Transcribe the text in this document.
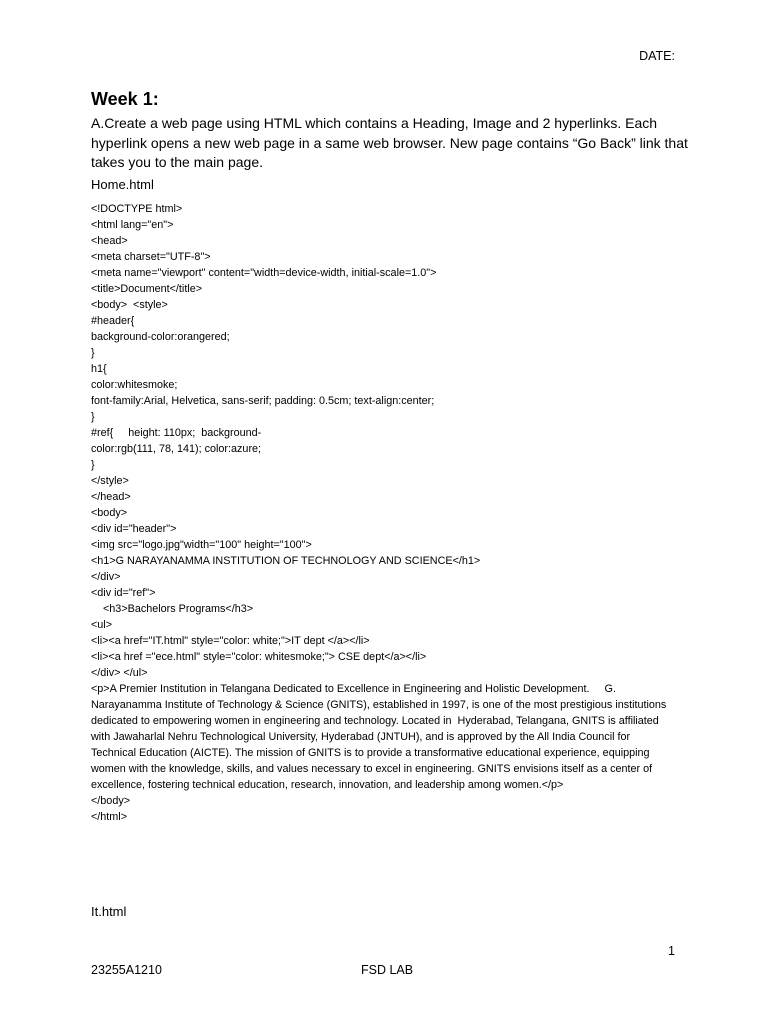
DATE:
Week 1:

A.Create a web page using HTML which contains a Heading, Image and 2 hyperlinks. Each hyperlink opens a new web page in a same web browser. New page contains “Go Back” link that takes you to the main page.

Home.html

<!DOCTYPE html>
<html lang="en">
<head>
<meta charset="UTF-8">
<meta name="viewport" content="width=device-width, initial-scale=1.0">
<title>Document</title>
<body>  <style>
#header{
background-color:orangered;
}
h1{
color:whitesmoke;
font-family:Arial, Helvetica, sans-serif; padding: 0.5cm; text-align:center;
}
#ref{     height: 110px;  background-
color:rgb(111, 78, 141); color:azure;
}
</style>
</head>
<body>
<div id="header">
<img src="logo.jpg"width="100" height="100">
<h1>G NARAYANAMMA INSTITUTION OF TECHNOLOGY AND SCIENCE</h1>
</div>
<div id="ref">
<h3>Bachelors Programs</h3>
<ul>
<li><a href="IT.html" style="color: white;">IT dept </a></li>
<li><a href ="ece.html" style="color: whitesmoke;"> CSE dept</a></li>
</div> </ul>
<p>A Premier Institution in Telangana Dedicated to Excellence in Engineering and Holistic Development.     G. Narayanamma Institute of Technology & Science (GNITS), established in 1997, is one of the most prestigious institutions dedicated to empowering women in engineering and technology. Located in  Hyderabad, Telangana, GNITS is affiliated with Jawaharlal Nehru Technological University, Hyderabad (JNTUH), and is approved by the All India Council for Technical Education (AICTE). The mission of GNITS is to provide a transformative educational experience, equipping women with the knowledge, skills, and values necessary to excel in engineering. GNITS envisions itself as a center of excellence, fostering technical education, research, innovation, and leadership among women.</p>
</body>
</html>

It.html

1
23255A1210	FSD LAB
